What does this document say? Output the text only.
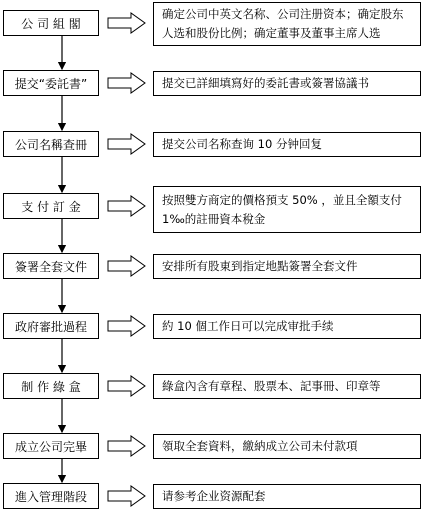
公 司 組 閣
提交“委託書”
公司名稱查冊
支 付 訂 金
簽署全套文件
政府審批過程
制 作 綠 盒
成立公司完畢
進入管理階段
确定公司中英文名称、公司注册资本；确定股东人选和股份比例；确定董事及董事主席人选
提交已詳細填寫好的委託書或簽署協議书
提交公司名称查询 10 分钟回复
按照雙方商定的價格預支 50% ，並且全額支付 1‰的註冊資本稅金
安排所有股東到指定地點簽署全套文件
約 10 個工作日可以完成审批手续
綠盒內含有章程、股票本、記事冊、印章等
領取全套資料，繳納成立公司未付款項
请参考企业资源配套
